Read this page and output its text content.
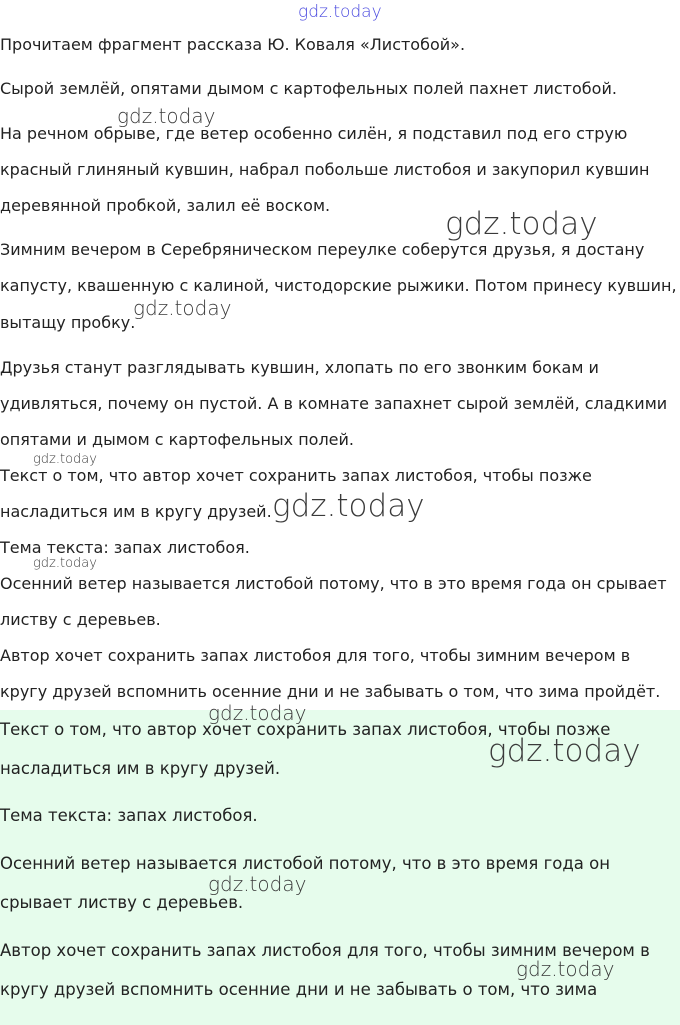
gdz.today
Прочитаем фрагмент рассказа Ю. Коваля «Листобой».
Сырой землёй, опятами дымом с картофельных полей пахнет листобой.
На речном обрыве, где ветер особенно силён, я подставил под его струю
красный глиняный кувшин, набрал побольше листобоя и закупорил кувшин
деревянной пробкой, залил её воском.
Зимним вечером в Серебряническом переулке соберутся друзья, я достану
капусту, квашенную с калиной, чистодорские рыжики. Потом принесу кувшин,
вытащу пробку.
Друзья станут разглядывать кувшин, хлопать по его звонким бокам и
удивляться, почему он пустой. А в комнате запахнет сырой землёй, сладкими
опятами и дымом с картофельных полей.
Текст о том, что автор хочет сохранить запах листобоя, чтобы позже
насладиться им в кругу друзей.
Тема текста: запах листобоя.
Осенний ветер называется листобой потому, что в это время года он срывает
листву с деревьев.
Автор хочет сохранить запах листобоя для того, чтобы зимним вечером в
кругу друзей вспомнить осенние дни и не забывать о том, что зима пройдёт.
Текст о том, что автор хочет сохранить запах листобоя, чтобы позже
насладиться им в кругу друзей.
Тема текста: запах листобоя.
Осенний ветер называется листобой потому, что в это время года он
срывает листву с деревьев.
Автор хочет сохранить запах листобоя для того, чтобы зимним вечером в
кругу друзей вспомнить осенние дни и не забывать о том, что зима
gdz.today
gdz.today
gdz.today
gdz.today
gdz.today
gdz.today
gdz.today
gdz.today
gdz.today
gdz.today
